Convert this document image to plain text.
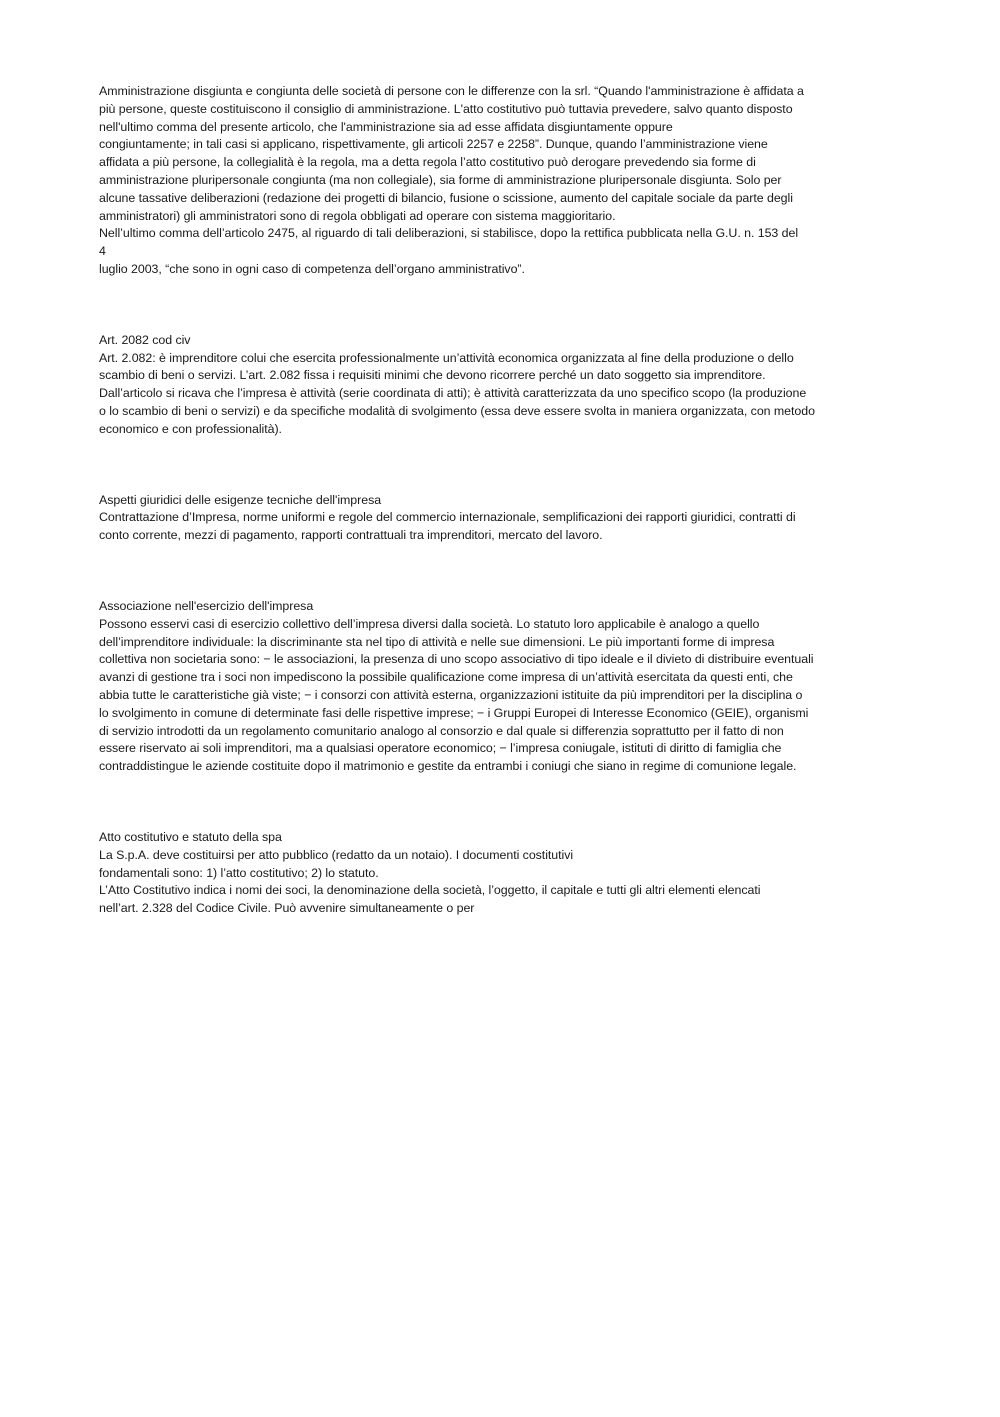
Amministrazione disgiunta e congiunta delle società di persone con le differenze con la srl. “Quando l'amministrazione è affidata a

più persone, queste costituiscono il consiglio di amministrazione. L'atto costitutivo può tuttavia prevedere, salvo quanto disposto

nell'ultimo comma del presente articolo, che l'amministrazione sia ad esse affidata disgiuntamente oppure

congiuntamente; in tali casi si applicano, rispettivamente, gli articoli 2257 e 2258”. Dunque, quando l’amministrazione viene

affidata a più persone, la collegialità è la regola, ma a detta regola l’atto costitutivo può derogare prevedendo sia forme di

amministrazione pluripersonale congiunta (ma non collegiale), sia forme di amministrazione pluripersonale disgiunta. Solo per

alcune tassative deliberazioni (redazione dei progetti di bilancio, fusione o scissione, aumento del capitale sociale da parte degli

amministratori) gli amministratori sono di regola obbligati ad operare con sistema maggioritario.

Nell’ultimo comma dell’articolo 2475, al riguardo di tali deliberazioni, si stabilisce, dopo la rettifica pubblicata nella G.U. n. 153 del

4

luglio 2003, “che sono in ogni caso di competenza dell’organo amministrativo”.

Art. 2082 cod civ

Art. 2.082: è imprenditore colui che esercita professionalmente un’attività economica organizzata al fine della produzione o dello

scambio di beni o servizi. L’art. 2.082 fissa i requisiti minimi che devono ricorrere perché un dato soggetto sia imprenditore.

Dall’articolo si ricava che l’impresa è attività (serie coordinata di atti); è attività caratterizzata da uno specifico scopo (la produzione

o lo scambio di beni o servizi) e da specifiche modalità di svolgimento (essa deve essere svolta in maniera organizzata, con metodo

economico e con professionalità).

Aspetti giuridici delle esigenze tecniche dell'impresa

Contrattazione d’Impresa, norme uniformi e regole del commercio internazionale, semplificazioni dei rapporti giuridici, contratti di

conto corrente, mezzi di pagamento, rapporti contrattuali tra imprenditori, mercato del lavoro.

Associazione nell'esercizio dell'impresa

Possono esservi casi di esercizio collettivo dell’impresa diversi dalla società. Lo statuto loro applicabile è analogo a quello

dell’imprenditore individuale: la discriminante sta nel tipo di attività e nelle sue dimensioni. Le più importanti forme di impresa

collettiva non societaria sono: − le associazioni, la presenza di uno scopo associativo di tipo ideale e il divieto di distribuire eventuali

avanzi di gestione tra i soci non impediscono la possibile qualificazione come impresa di un’attività esercitata da questi enti, che

abbia tutte le caratteristiche già viste; − i consorzi con attività esterna, organizzazioni istituite da più imprenditori per la disciplina o

lo svolgimento in comune di determinate fasi delle rispettive imprese; − i Gruppi Europei di Interesse Economico (GEIE), organismi

di servizio introdotti da un regolamento comunitario analogo al consorzio e dal quale si differenzia soprattutto per il fatto di non

essere riservato ai soli imprenditori, ma a qualsiasi operatore economico; − l’impresa coniugale, istituti di diritto di famiglia che

contraddistingue le aziende costituite dopo il matrimonio e gestite da entrambi i coniugi che siano in regime di comunione legale.

Atto costitutivo e statuto della spa

La S.p.A. deve costituirsi per atto pubblico (redatto da un notaio). I documenti costitutivi

fondamentali sono: 1) l’atto costitutivo; 2) lo statuto.

L’Atto Costitutivo indica i nomi dei soci, la denominazione della società, l’oggetto, il capitale e tutti gli altri elementi elencati

nell’art. 2.328 del Codice Civile. Può avvenire simultaneamente o per
